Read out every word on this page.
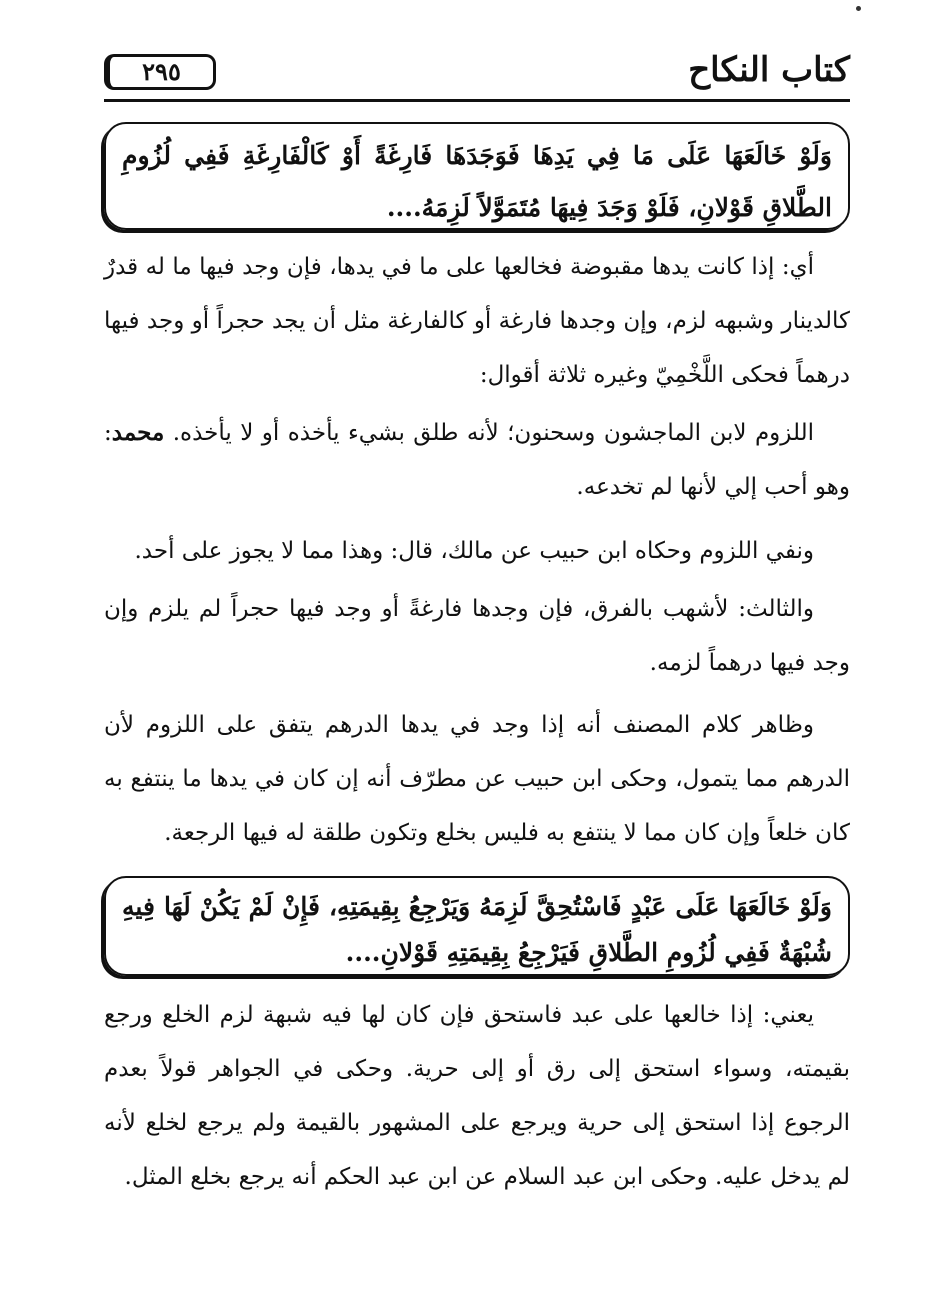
كتاب النكاح
٢٩٥
وَلَوْ خَالَعَهَا عَلَى مَا فِي يَدِهَا فَوَجَدَهَا فَارِغَةً أَوْ كَالْفَارِغَةِ فَفِي لُزُومِ الطَّلاقِ قَوْلانِ، فَلَوْ وَجَدَ فِيهَا مُتَمَوَّلاً لَزِمَهُ....

أي: إذا كانت يدها مقبوضة فخالعها على ما في يدها، فإن وجد فيها ما له قدرٌ كالدينار وشبهه لزم، وإن وجدها فارغة أو كالفارغة مثل أن يجد حجراً أو وجد فيها درهماً فحكى اللَّخْمِيّ وغيره ثلاثة أقوال:

اللزوم لابن الماجشون وسحنون؛ لأنه طلق بشيء يأخذه أو لا يأخذه. محمد: وهو أحب إلي لأنها لم تخدعه.

ونفي اللزوم وحكاه ابن حبيب عن مالك، قال: وهذا مما لا يجوز على أحد.

والثالث: لأشهب بالفرق، فإن وجدها فارغةً أو وجد فيها حجراً لم يلزم وإن وجد فيها درهماً لزمه.

وظاهر كلام المصنف أنه إذا وجد في يدها الدرهم يتفق على اللزوم لأن الدرهم مما يتمول، وحكى ابن حبيب عن مطرّف أنه إن كان في يدها ما ينتفع به كان خلعاً وإن كان مما لا ينتفع به فليس بخلع وتكون طلقة له فيها الرجعة.

وَلَوْ خَالَعَهَا عَلَى عَبْدٍ فَاسْتُحِقَّ لَزِمَهُ وَيَرْجِعُ بِقِيمَتِهِ، فَإِنْ لَمْ يَكُنْ لَهَا فِيهِ شُبْهَةٌ فَفِي لُزُومِ الطَّلاقِ فَيَرْجِعُ بِقِيمَتِهِ قَوْلانِ....

يعني: إذا خالعها على عبد فاستحق فإن كان لها فيه شبهة لزم الخلع ورجع بقيمته، وسواء استحق إلى رق أو إلى حرية. وحكى في الجواهر قولاً بعدم الرجوع إذا استحق إلى حرية ويرجع على المشهور بالقيمة ولم يرجع لخلع لأنه لم يدخل عليه. وحكى ابن عبد السلام عن ابن عبد الحكم أنه يرجع بخلع المثل.
